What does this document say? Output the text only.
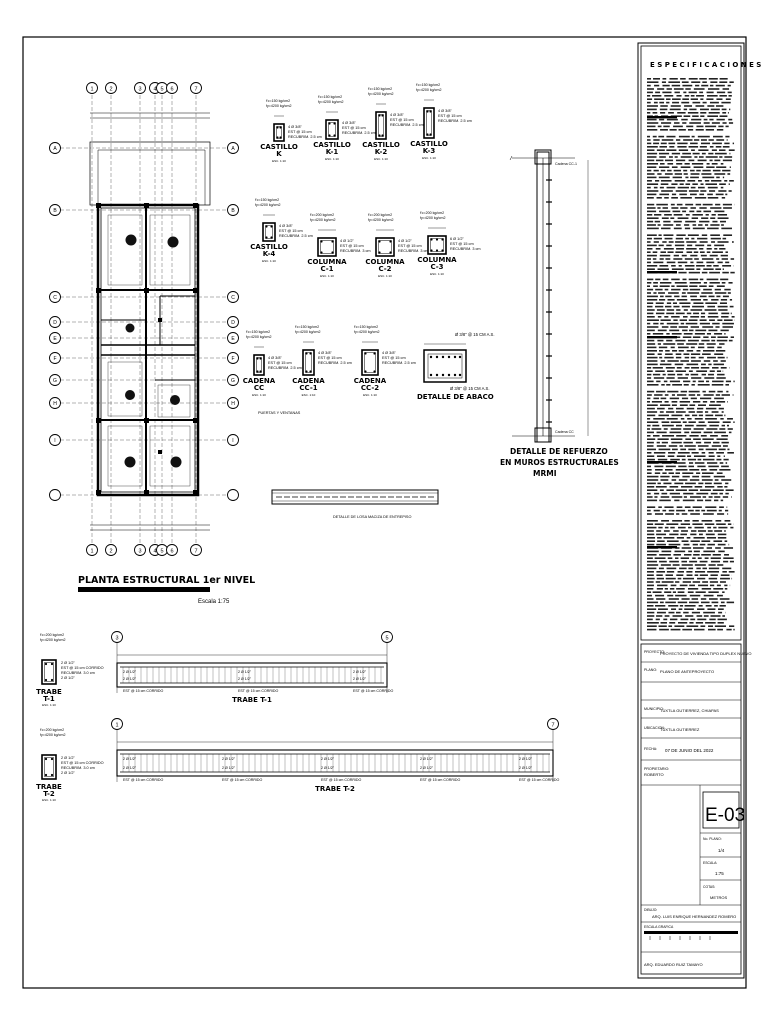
1
1
2
2
3
3
4
4
5
5
6
6
7
7
A	A
B	B
C	C
D	D
E	E
F	F
G	G
H	H
I	I
PUERTAS Y VENTANAS
PLANTA ESTRUCTURAL 1er NIVEL
Escala 1:75
f'c=150 kg/cm2
fy=4200 kg/cm2
4 Ø 3/8"
EST @ 15 cm
RECUBRIM. 2.5 cm
CASTILLO
K
ESC. 1:10
f'c=150 kg/cm2
fy=4200 kg/cm2
4 Ø 3/8"
EST @ 15 cm
RECUBRIM. 2.5 cm
CASTILLO
K-1
ESC. 1:10
f'c=150 kg/cm2
fy=4200 kg/cm2
4 Ø 3/8"
EST @ 15 cm
RECUBRIM. 2.5 cm
CASTILLO
K-2
ESC. 1:10
f'c=150 kg/cm2
fy=4200 kg/cm2
4 Ø 3/8"
EST @ 15 cm
RECUBRIM. 2.5 cm
CASTILLO
K-3
ESC. 1:10
f'c=150 kg/cm2
fy=4200 kg/cm2
4 Ø 3/8"
EST @ 15 cm
RECUBRIM. 2.5 cm
CASTILLO
K-4
ESC. 1:10
f'c=200 kg/cm2
fy=4200 kg/cm2
4 Ø 1/2"
EST @ 15 cm
RECUBRIM. 3 cm
COLUMNA
C-1
ESC. 1:10
f'c=200 kg/cm2
fy=4200 kg/cm2
4 Ø 1/2"
EST @ 15 cm
RECUBRIM. 3 cm
COLUMNA
C-2
ESC. 1:10
f'c=200 kg/cm2
fy=4200 kg/cm2
6 Ø 1/2"
EST @ 15 cm
RECUBRIM. 3 cm
COLUMNA
C-3
ESC. 1:10
f'c=150 kg/cm2
fy=4200 kg/cm2
4 Ø 3/8"
EST @ 15 cm
RECUBRIM. 2.5 cm
CADENA
CC
ESC. 1:10
f'c=150 kg/cm2
fy=4200 kg/cm2
4 Ø 3/8"
EST @ 15 cm
RECUBRIM. 2.5 cm
CADENA
CC-1
ESC. 1:10
f'c=150 kg/cm2
fy=4200 kg/cm2
4 Ø 3/8"
EST @ 15 cm
RECUBRIM. 2.5 cm
CADENA
CC-2
ESC. 1:10
Ø 3/8" @ 15 CM A.S.
Ø 3/8" @ 15 CM A.S.
DETALLE DE ABACO
DETALLE DE LOSA MACIZA DE ENTREPISO
Cadena CC-1
Cadena CC
DETALLE DE REFUERZO
EN MUROS ESTRUCTURALES
MRMI
f'c=200 kg/cm2
fy=4200 kg/cm2
2 Ø 1/2"
EST @ 15 cm CORRIDO
RECUBRIM. 3.0 cm
2 Ø 1/2"
TRABE
T-1
ESC. 1:10
3	5
2 Ø 1/2"
2 Ø 1/2"
EST @ 15 cm CORRIDO
2 Ø 1/2"
2 Ø 1/2"
EST @ 15 cm CORRIDO
2 Ø 1/2"
2 Ø 1/2"
EST @ 15 cm CORRIDO
TRABE T-1
f'c=200 kg/cm2
fy=4200 kg/cm2
2 Ø 1/2"
EST @ 15 cm CORRIDO
RECUBRIM. 3.0 cm
2 Ø 1/2"
TRABE
T-2
ESC. 1:10
1	7
2 Ø 1/2"
2 Ø 1/2"
EST @ 15 cm CORRIDO
2 Ø 1/2"
2 Ø 1/2"
EST @ 15 cm CORRIDO
2 Ø 1/2"
2 Ø 1/2"
EST @ 15 cm CORRIDO
2 Ø 1/2"
2 Ø 1/2"
EST @ 15 cm CORRIDO
2 Ø 1/2"
2 Ø 1/2"
EST @ 15 cm CORRIDO
TRABE T-2
E S P E C I F I C A C I O N E S
PROYECTO:
PROYECTO DE VIVIENDA TIPO DUPLEX NUEVO
PLANO: PLANO DE ANTEPROYECTO
MUNICIPIO:
TUXTLA GUTIERREZ, CHIAPAS
UBICACION:
TUXTLA GUTIERREZ
FECHA: 07 DE JUNIO DEL 2022
PROPIETARIO:
ROBERTO
E-03
No. PLANO:
1/4
ESCALA:
1:75
COTAS:
METROS
DIBUJO:
ARQ. LUIS ENRIQUE HERNANDEZ ROMERO
ESCALA GRAFICA
ARQ. EDUARDO RUIZ TAMAYO
